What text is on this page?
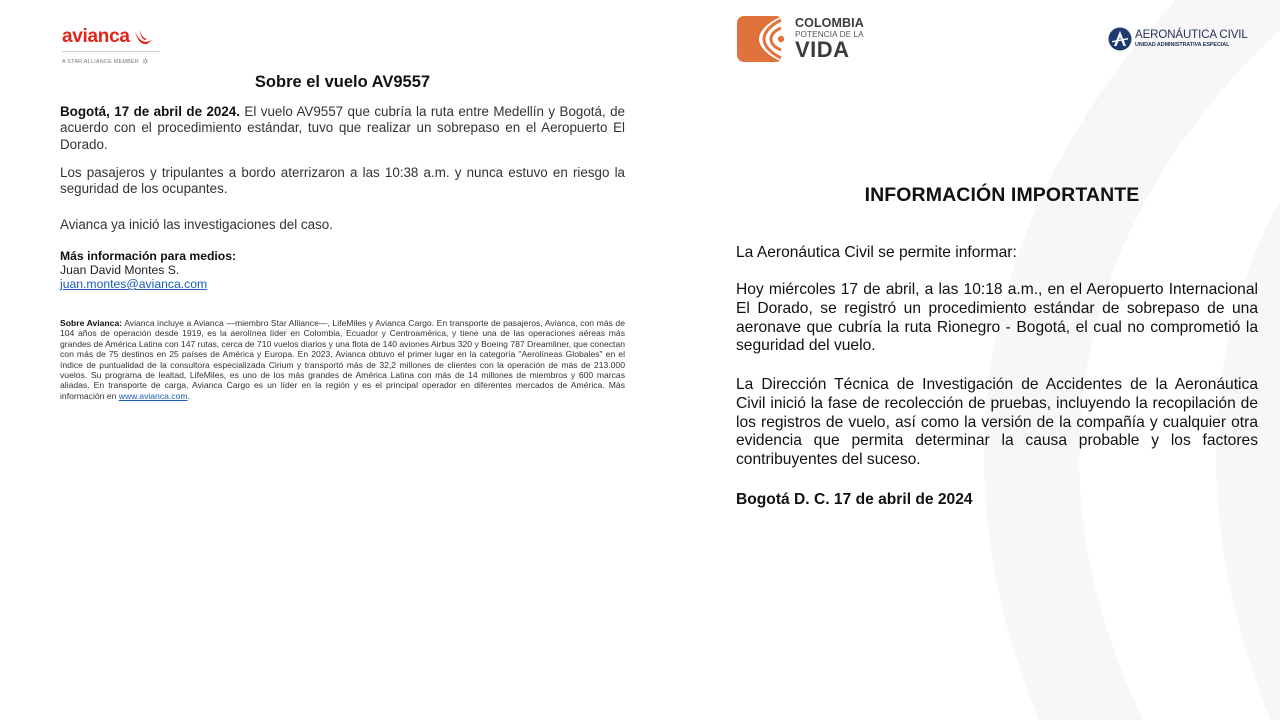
avianca
A STAR ALLIANCE MEMBER ✲
Sobre el vuelo AV9557

Bogotá, 17 de abril de 2024. El vuelo AV9557 que cubría la ruta entre Medellín y Bogotá, de acuerdo con el procedimiento estándar, tuvo que realizar un sobrepaso en el Aeropuerto El Dorado.

Los pasajeros y tripulantes a bordo aterrizaron a las 10:38 a.m. y nunca estuvo en riesgo la seguridad de los ocupantes.

Avianca ya inició las investigaciones del caso.

Más información para medios:
Juan David Montes S.
juan.montes@avianca.com

Sobre Avianca: Avianca incluye a Avianca —miembro Star Alliance—, LifeMiles y Avianca Cargo. En transporte de pasajeros, Avianca, con más de 104 años de operación desde 1919, es la aerolínea líder en Colombia, Ecuador y Centroamérica, y tiene una de las operaciones aéreas más grandes de América Latina con 147 rutas, cerca de 710 vuelos diarios y una flota de 140 aviones Airbus 320 y Boeing 787 Dreamliner, que conectan con más de 75 destinos en 25 países de América y Europa. En 2023, Avianca obtuvo el primer lugar en la categoría "Aerolíneas Globales" en el índice de puntualidad de la consultora especializada Cirium y transportó más de 32,2 millones de clientes con la operación de más de 213.000 vuelos. Su programa de lealtad, LifeMiles, es uno de los más grandes de América Latina con más de 14 millones de miembros y 600 marcas aliadas. En transporte de carga, Avianca Cargo es un líder en la región y es el principal operador en diferentes mercados de América. Más información en www.avianca.com.

COLOMBIA
POTENCIA DE LA
VIDA
AERONÁUTICA CIVIL
UNIDAD ADMINISTRATIVA ESPECIAL
INFORMACIÓN IMPORTANTE

La Aeronáutica Civil se permite informar:

Hoy miércoles 17 de abril, a las 10:18 a.m., en el Aeropuerto Internacional El Dorado, se registró un procedimiento estándar de sobrepaso de una aeronave que cubría la ruta Rionegro - Bogotá, el cual no comprometió la seguridad del vuelo.

La Dirección Técnica de Investigación de Accidentes de la Aeronáutica Civil inició la fase de recolección de pruebas, incluyendo la recopilación de los registros de vuelo, así como la versión de la compañía y cualquier otra evidencia que permita determinar la causa probable y los factores contribuyentes del suceso.

Bogotá D. C. 17 de abril de 2024
